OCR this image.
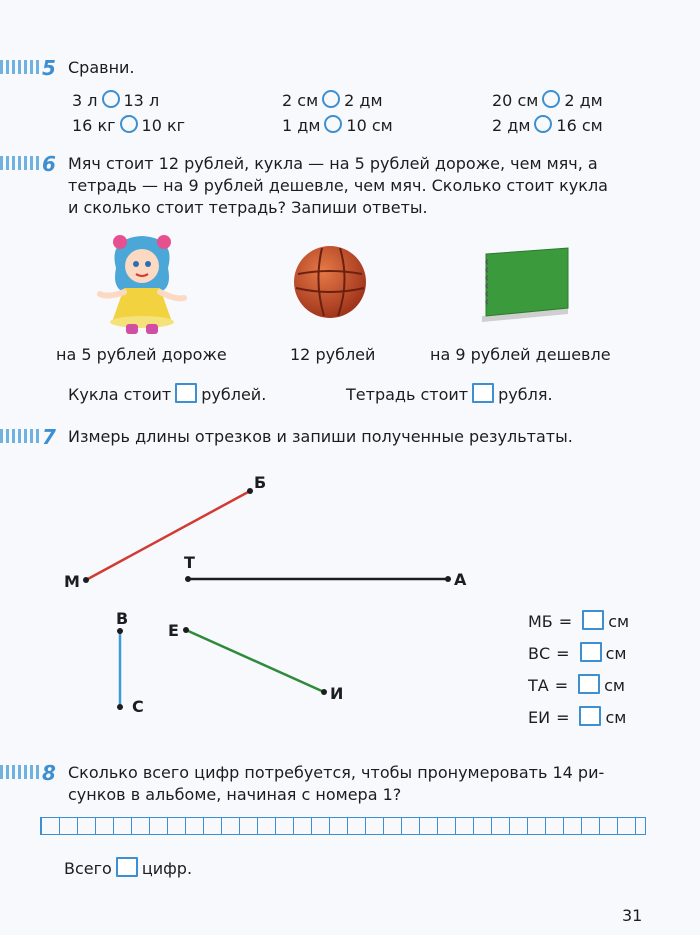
5 Сравни.
3 л 13 л	2 см 2 дм	20 см 2 дм
16 кг 10 кг	1 дм 10 см	2 дм 16 см
6 Мяч стоит 12 рублей, кукла — на 5 рублей дороже, чем мяч, а
тетрадь — на 9 рублей дешевле, чем мяч. Сколько стоит кукла
и сколько стоит тетрадь? Запиши ответы.
на 5 рублей дороже	12 рублей	на 9 рублей дешевле
Кукла стоит рублей.	Тетрадь стоит рубля.
7 Измерь длины отрезков и запиши полученные результаты.
М
Б
Т
А
В
С
Е
И
МБ = см
ВС = см
ТА = см
ЕИ = см
8 Сколько всего цифр потребуется, чтобы пронумеровать 14 ри-
сунков в альбоме, начиная с номера 1?
Всего цифр.
31
